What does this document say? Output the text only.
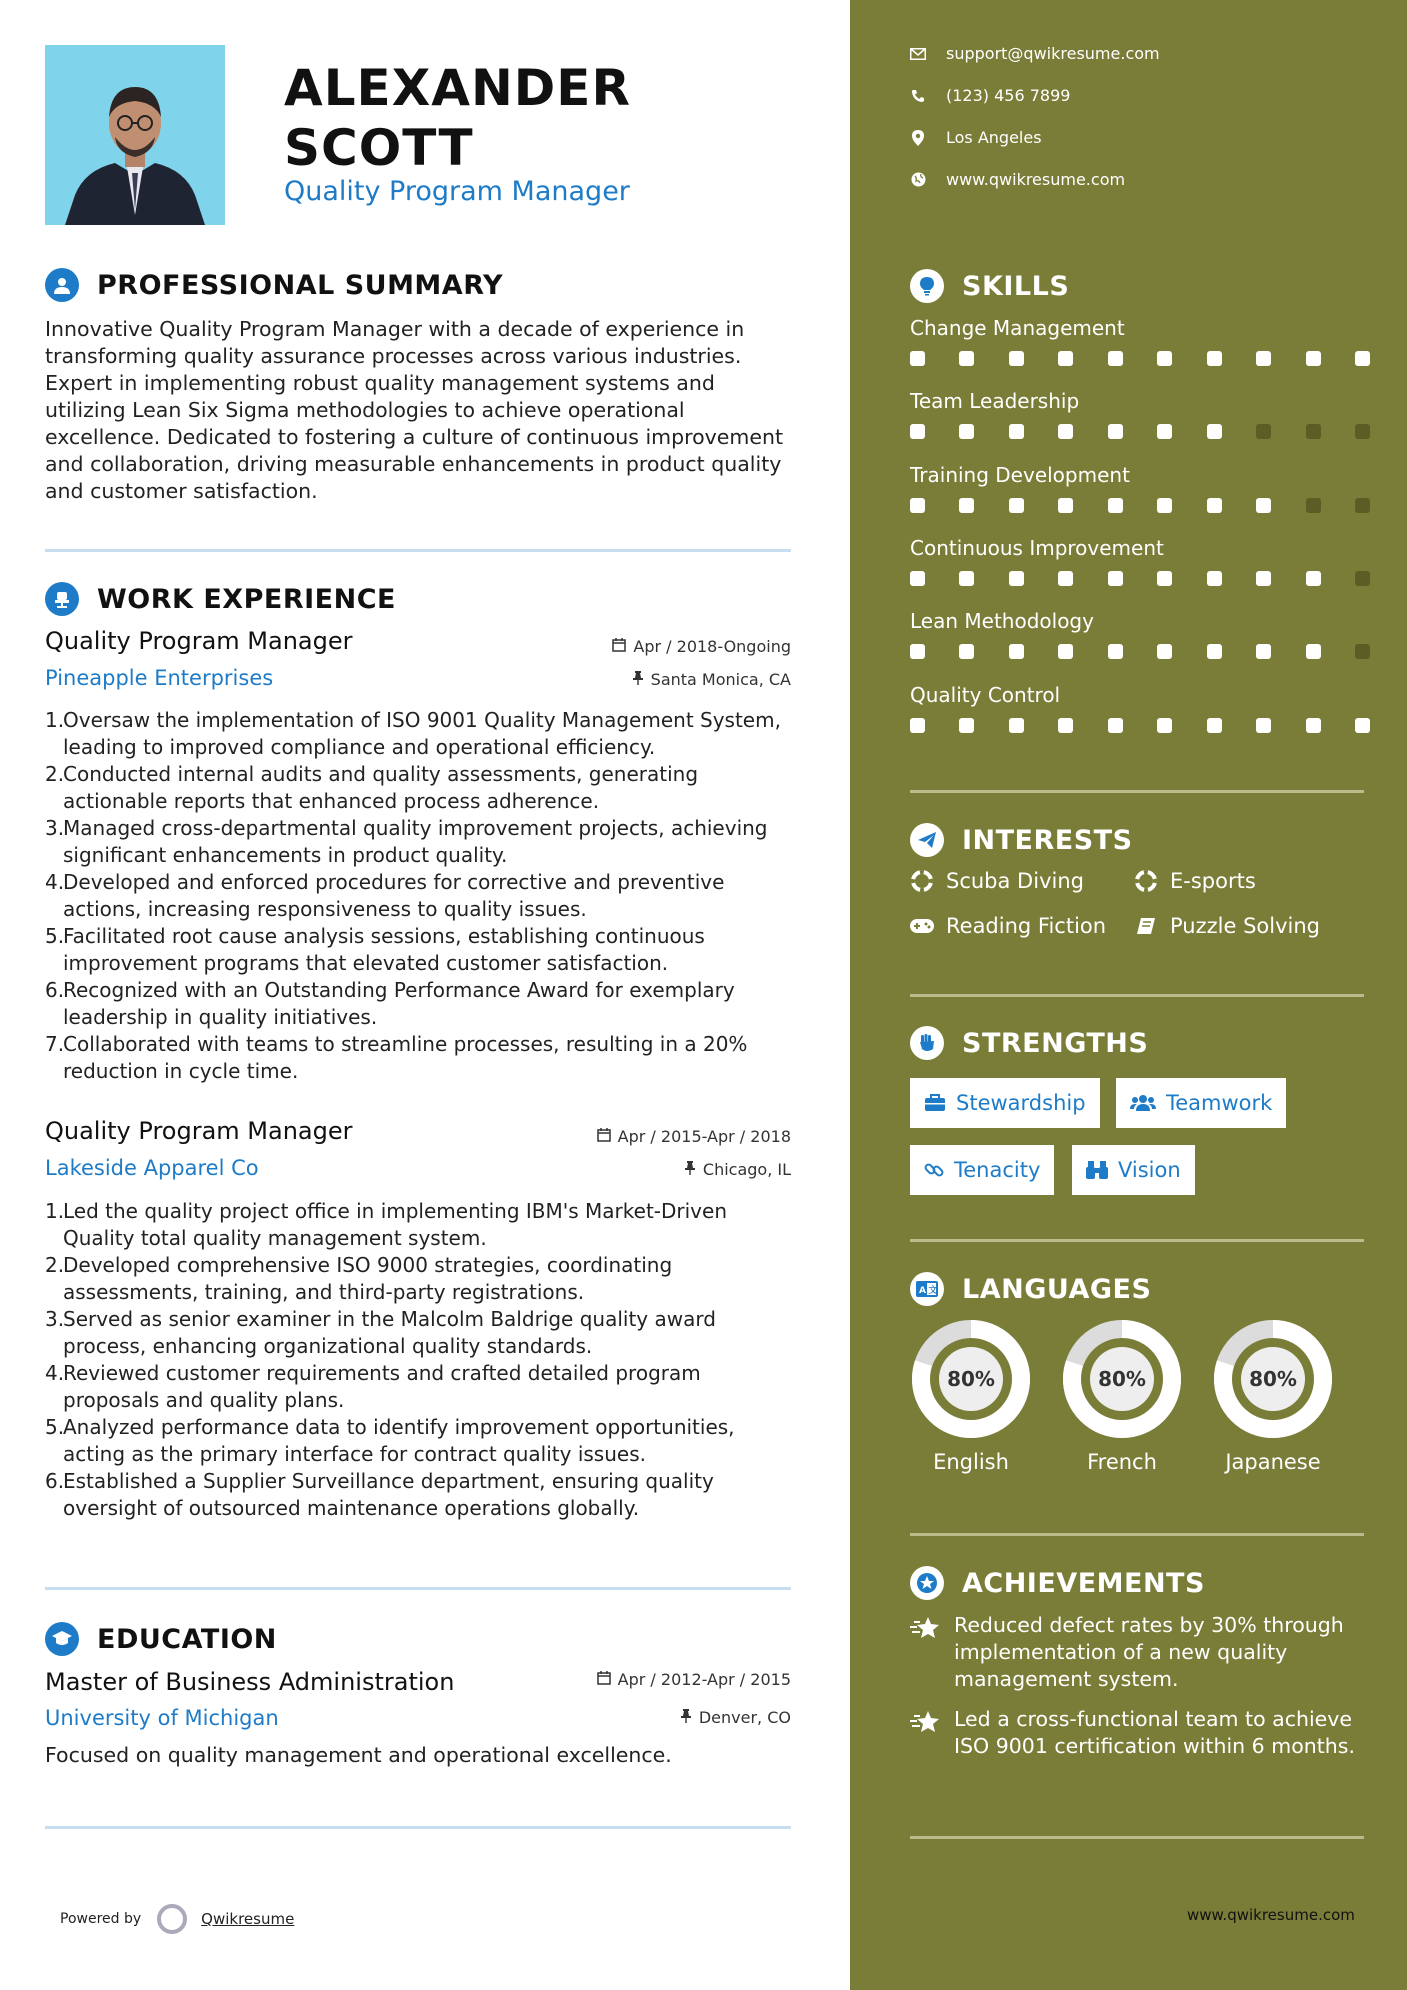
ALEXANDER
SCOTT
Quality Program Manager
PROFESSIONAL SUMMARY
Innovative Quality Program Manager with a decade of experience in transforming quality assurance processes across various industries. Expert in implementing robust quality management systems and utilizing Lean Six Sigma methodologies to achieve operational excellence. Dedicated to fostering a culture of continuous improvement and collaboration, driving measurable enhancements in product quality and customer satisfaction.
WORK EXPERIENCE
Quality Program Manager	Apr / 2018-Ongoing
Pineapple Enterprises	Santa Monica, CA
1.Oversaw the implementation of ISO 9001 Quality Management System, leading to improved compliance and operational efficiency.
2.Conducted internal audits and quality assessments, generating actionable reports that enhanced process adherence.
3.Managed cross-departmental quality improvement projects, achieving significant enhancements in product quality.
4.Developed and enforced procedures for corrective and preventive actions, increasing responsiveness to quality issues.
5.Facilitated root cause analysis sessions, establishing continuous improvement programs that elevated customer satisfaction.
6.Recognized with an Outstanding Performance Award for exemplary leadership in quality initiatives.
7.Collaborated with teams to streamline processes, resulting in a 20% reduction in cycle time.
Quality Program Manager	Apr / 2015-Apr / 2018
Lakeside Apparel Co	Chicago, IL
1.Led the quality project office in implementing IBM's Market-Driven Quality total quality management system.
2.Developed comprehensive ISO 9000 strategies, coordinating assessments, training, and third-party registrations.
3.Served as senior examiner in the Malcolm Baldrige quality award process, enhancing organizational quality standards.
4.Reviewed customer requirements and crafted detailed program proposals and quality plans.
5.Analyzed performance data to identify improvement opportunities, acting as the primary interface for contract quality issues.
6.Established a Supplier Surveillance department, ensuring quality oversight of outsourced maintenance operations globally.
EDUCATION
Master of Business Administration	Apr / 2012-Apr / 2015
University of Michigan	Denver, CO
Focused on quality management and operational excellence.
Powered by	Qwikresume
support@qwikresume.com
(123) 456 7899
Los Angeles
www.qwikresume.com
SKILLS
Change Management
Team Leadership
Training Development
Continuous Improvement
Lean Methodology
Quality Control
INTERESTS
Scuba Diving	E-sports
Reading Fiction	Puzzle Solving
STRENGTHS
Stewardship	Teamwork
Tenacity	Vision
A 文 LANGUAGES
80%
English
80%
French
80%
Japanese
ACHIEVEMENTS
Reduced defect rates by 30% through implementation of a new quality management system.
Led a cross-functional team to achieve ISO 9001 certification within 6 months.
www.qwikresume.com
